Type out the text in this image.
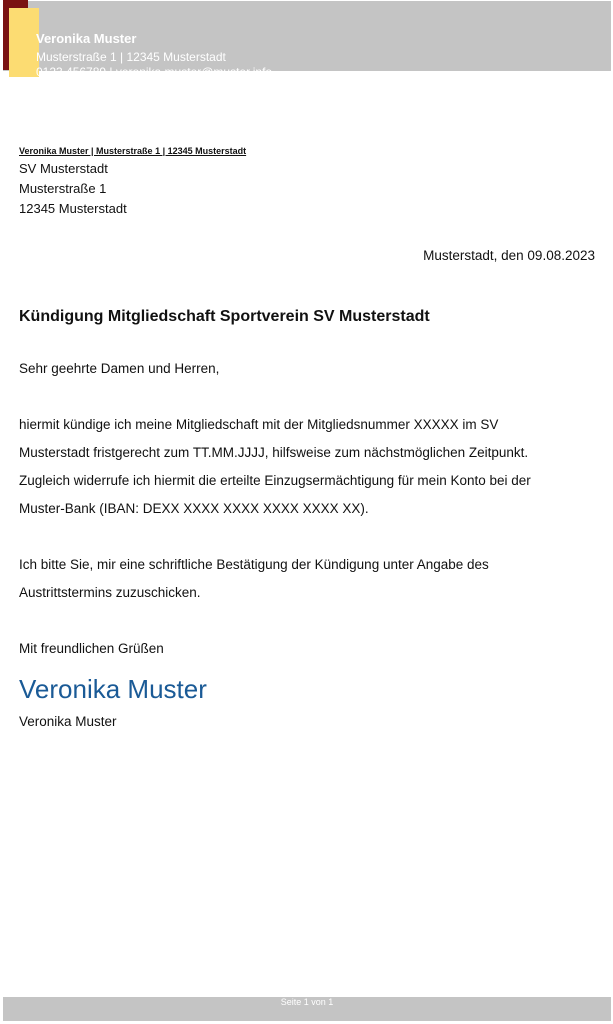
Veronika Muster
Musterstraße 1 | 12345 Musterstadt
0123 456789 | veronika.muster@muster.info
Veronika Muster | Musterstraße 1 | 12345 Musterstadt
SV Musterstadt
Musterstraße 1
12345 Musterstadt
Musterstadt, den 09.08.2023
Kündigung Mitgliedschaft Sportverein SV Musterstadt
Sehr geehrte Damen und Herren,
hiermit kündige ich meine Mitgliedschaft mit der Mitgliedsnummer XXXXX im SV
Musterstadt fristgerecht zum TT.MM.JJJJ, hilfsweise zum nächstmöglichen Zeitpunkt.
Zugleich widerrufe ich hiermit die erteilte Einzugsermächtigung für mein Konto bei der
Muster-Bank (IBAN: DEXX XXXX XXXX XXXX XXXX XX).
Ich bitte Sie, mir eine schriftliche Bestätigung der Kündigung unter Angabe des
Austrittstermins zuzuschicken.
Mit freundlichen Grüßen
Veronika Muster
Veronika Muster
Seite 1 von 1
